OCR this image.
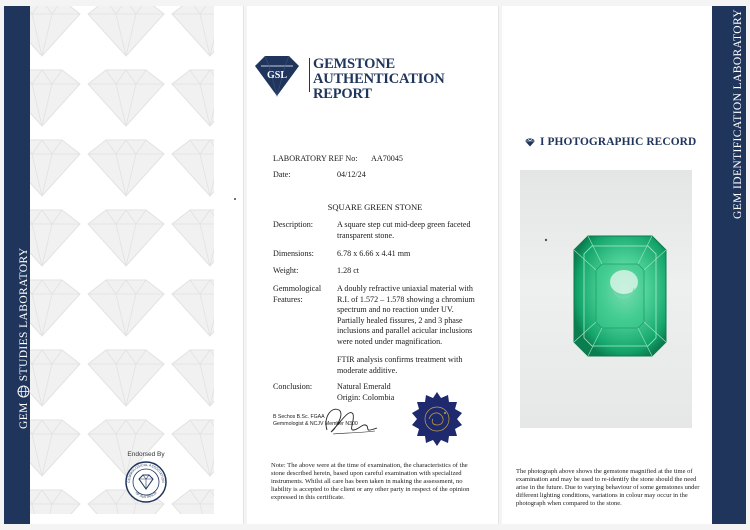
GEM
STUDIES LABORATORY
Endorsed By
GEMMOLOGICAL ASSOCIATION
OF AUSTRALIA
GSL
GEMSTONE AUTHENTICATION
REPORT
LABORATORY REF No: AA70045
Date:	04/12/24
SQUARE GREEN STONE
Description:	A square step cut mid-deep green faceted transparent stone.
Dimensions:	6.78 x 6.66 x 4.41 mm
Weight:	1.28 ct
Gemmological
Features:
A doubly refractive uniaxial material with R.I. of 1.572 – 1.578 showing a chromium spectrum and no reaction under UV. Partially healed fissures, 2 and 3 phase inclusions and parallel acicular inclusions were noted under magnification.
FTIR analysis confirms treatment with moderate additive.
Conclusion:	Natural Emerald
Origin: Colombia
B Sechos B.Sc. FGAA
Gemmologist & NCJV Member N300
Note: The above were at the time of examination, the characteristics of the stone described herein, based upon careful examination with specialized instruments. Whilst all care has been taken in making the assessment, no liability is accepted to the client or any other party in respect of the opinion expressed in this certificate.
I PHOTOGRAPHIC RECORD
The photograph above shows the gemstone magnified at the time of examination and may be used to re-identify the stone should the need arise in the future. Due to varying behaviour of some gemstones under different lighting conditions, variations in colour may occur in the photograph when compared to the stone.
GEM IDENTIFICATION LABORATORY
